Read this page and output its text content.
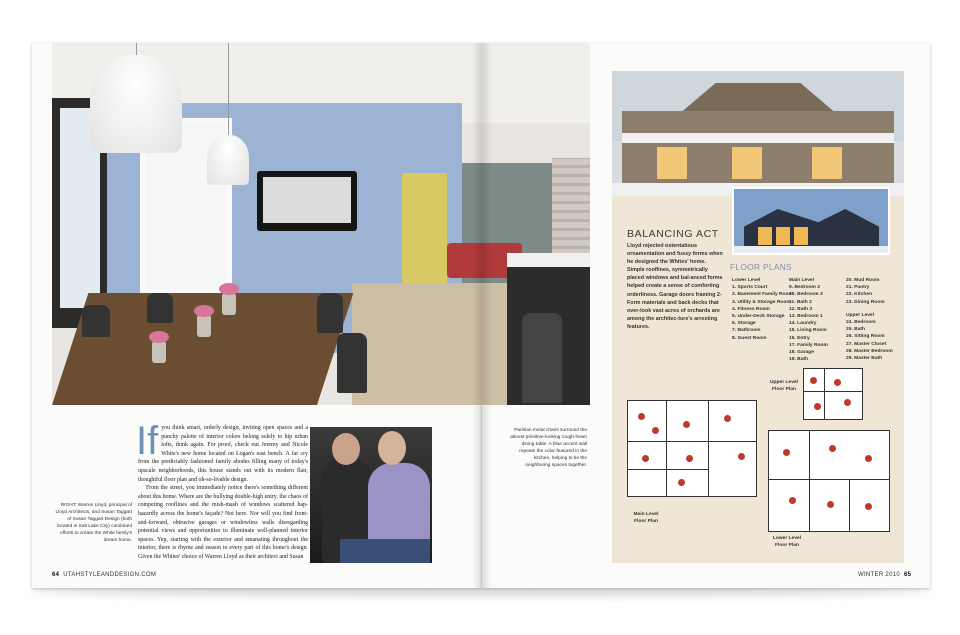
RIGHT: Warren Lloyd, principal of Lloyd Architects, and Susan Taggart of Susan Taggart Design (both located in Salt Lake City) combined efforts to create the White family's dream home.
If you think smart, orderly design, inviting open spaces and a punchy palette of interior colors belong solely to hip urban lofts, think again. For proof, check out Jeremy and Nicole White's new home located on Logan's east bench. A far cry from the predictably fashioned family abodes filling many of today's upscale neighborhoods, this house stands out with its modern flair, thoughtful floor plan and oh-so-livable design.
From the street, you immediately notice there's something different about this home. Where are the bullying double-high entry, the chaos of competing rooflines and the mish-mash of windows scattered hap-hazardly across the home's façade? Not here. Nor will you find front-and-forward, obtrusive garages or windowless walls disregarding potential views and opportunities to illuminate well-planned interior spaces. Yep, starting with the exterior and emanating throughout the interior, there is rhyme and reason to every part of this home's design. Given the Whites' choice of Warren Lloyd as their architect and Susan
Parisian metal chairs surround the almost primitive-looking rough-hewn dining table. A blue accent wall repeats the color featured in the kitchen, helping to tie the neighboring spaces together.
64 UTAHSTYLEANDDESIGN.COM	WINTER 2010 65
BALANCING ACT
Lloyd rejected ostentatious ornamentation and fussy forms when he designed the Whites' home. Simple rooflines, symmetrically placed windows and bal-anced forms helped create a sense of comforting orderliness. Garage doors framing 2-Form materials and back decks that over-look vast acres of orchards are among the architec-ture's arresting features.
FLOOR PLANS
Lower Level
1. Sports Court
2. Basement Family Room
3. Utility & Storage Room
4. Fitness Room
5. Under-Deck Storage
6. Storage
7. Bathroom
8. Guest Room
Main Level
9. Bedroom 2
10. Bedroom 3
11. Bath 2
12. Bath 3
13. Bedroom 1
14. Laundry
15. Living Room
16. Entry
17. Family Room
18. Garage
19. Bath
20. Mud Room
21. Pantry
22. Kitchen
23. Dining Room
Upper Level
24. Bedroom
25. Bath
26. Sitting Room
27. Master Closet
28. Master Bedroom
29. Master Bath
Upper Level Floor Plan
Main Level Floor Plan
Lower Level Floor Plan
